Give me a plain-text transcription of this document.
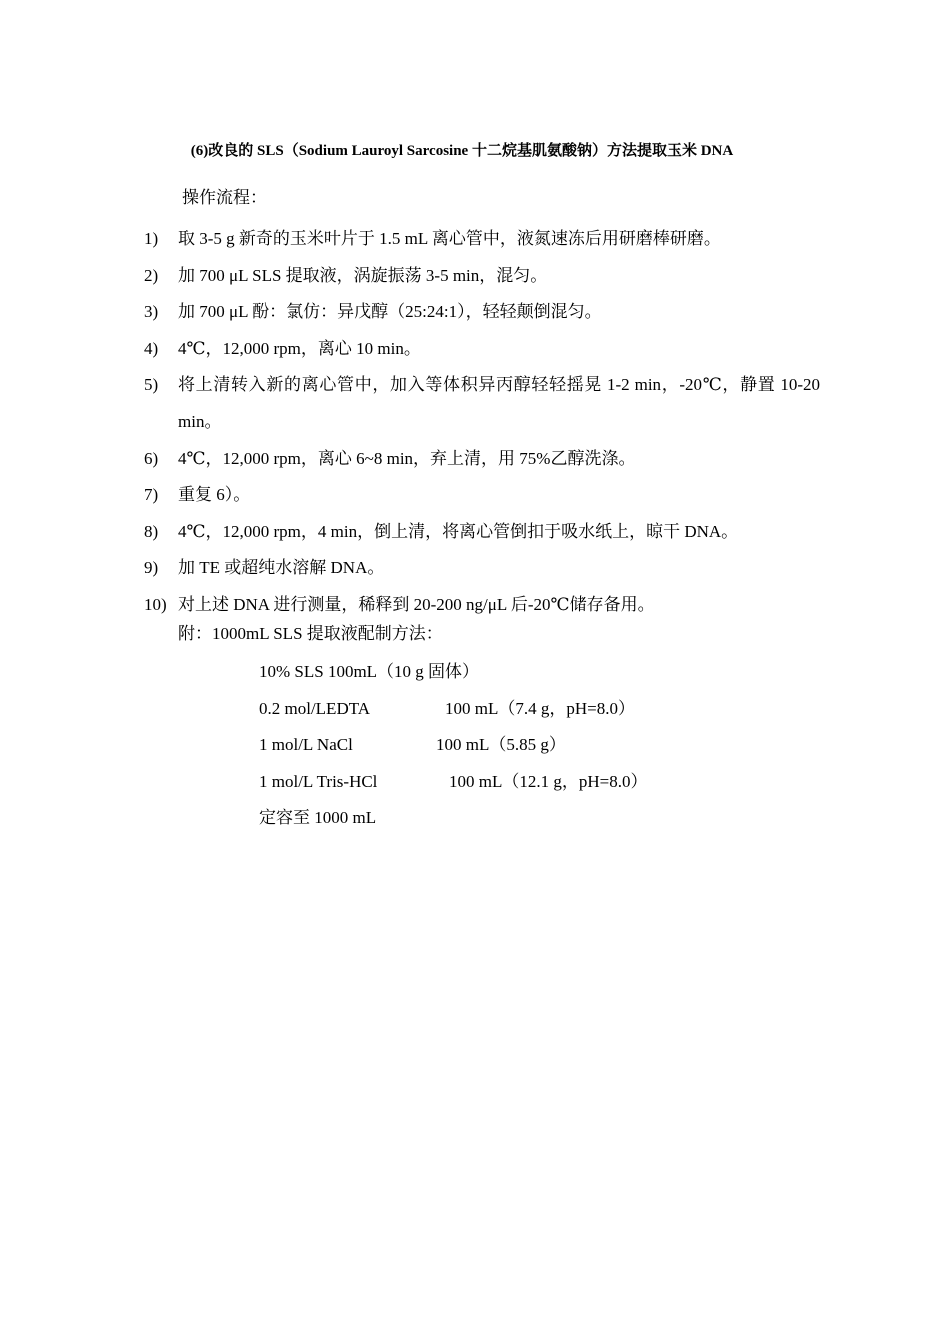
(6)改良的 SLS（Sodium Lauroyl Sarcosine 十二烷基肌氨酸钠）方法提取玉米 DNA
操作流程：
1) 取 3-5 g 新奇的玉米叶片于 1.5 mL 离心管中，液氮速冻后用研磨棒研磨。
2) 加 700 μL SLS 提取液，涡旋振荡 3-5 min，混匀。
3) 加 700 μL 酚：氯仿：异戊醇（25:24:1），轻轻颠倒混匀。
4) 4℃，12,000 rpm，离心 10 min。
5) 将上清转入新的离心管中，加入等体积异丙醇轻轻摇晃 1-2 min，-20℃，静置 10-20 min。
6) 4℃，12,000 rpm，离心 6~8 min，弃上清，用 75%乙醇洗涤。
7) 重复 6）。
8) 4℃，12,000 rpm，4 min，倒上清，将离心管倒扣于吸水纸上，晾干 DNA。
9) 加 TE 或超纯水溶解 DNA。
10) 对上述 DNA 进行测量，稀释到 20-200 ng/μL 后-20℃储存备用。
附：1000mL SLS 提取液配制方法：
10% SLS 100mL（10 g 固体）
0.2 mol/LEDTA	100 mL（7.4 g，pH=8.0）
1 mol/L NaCl	100 mL（5.85 g）
1 mol/L Tris-HCl	100 mL（12.1 g，pH=8.0）
定容至 1000 mL
